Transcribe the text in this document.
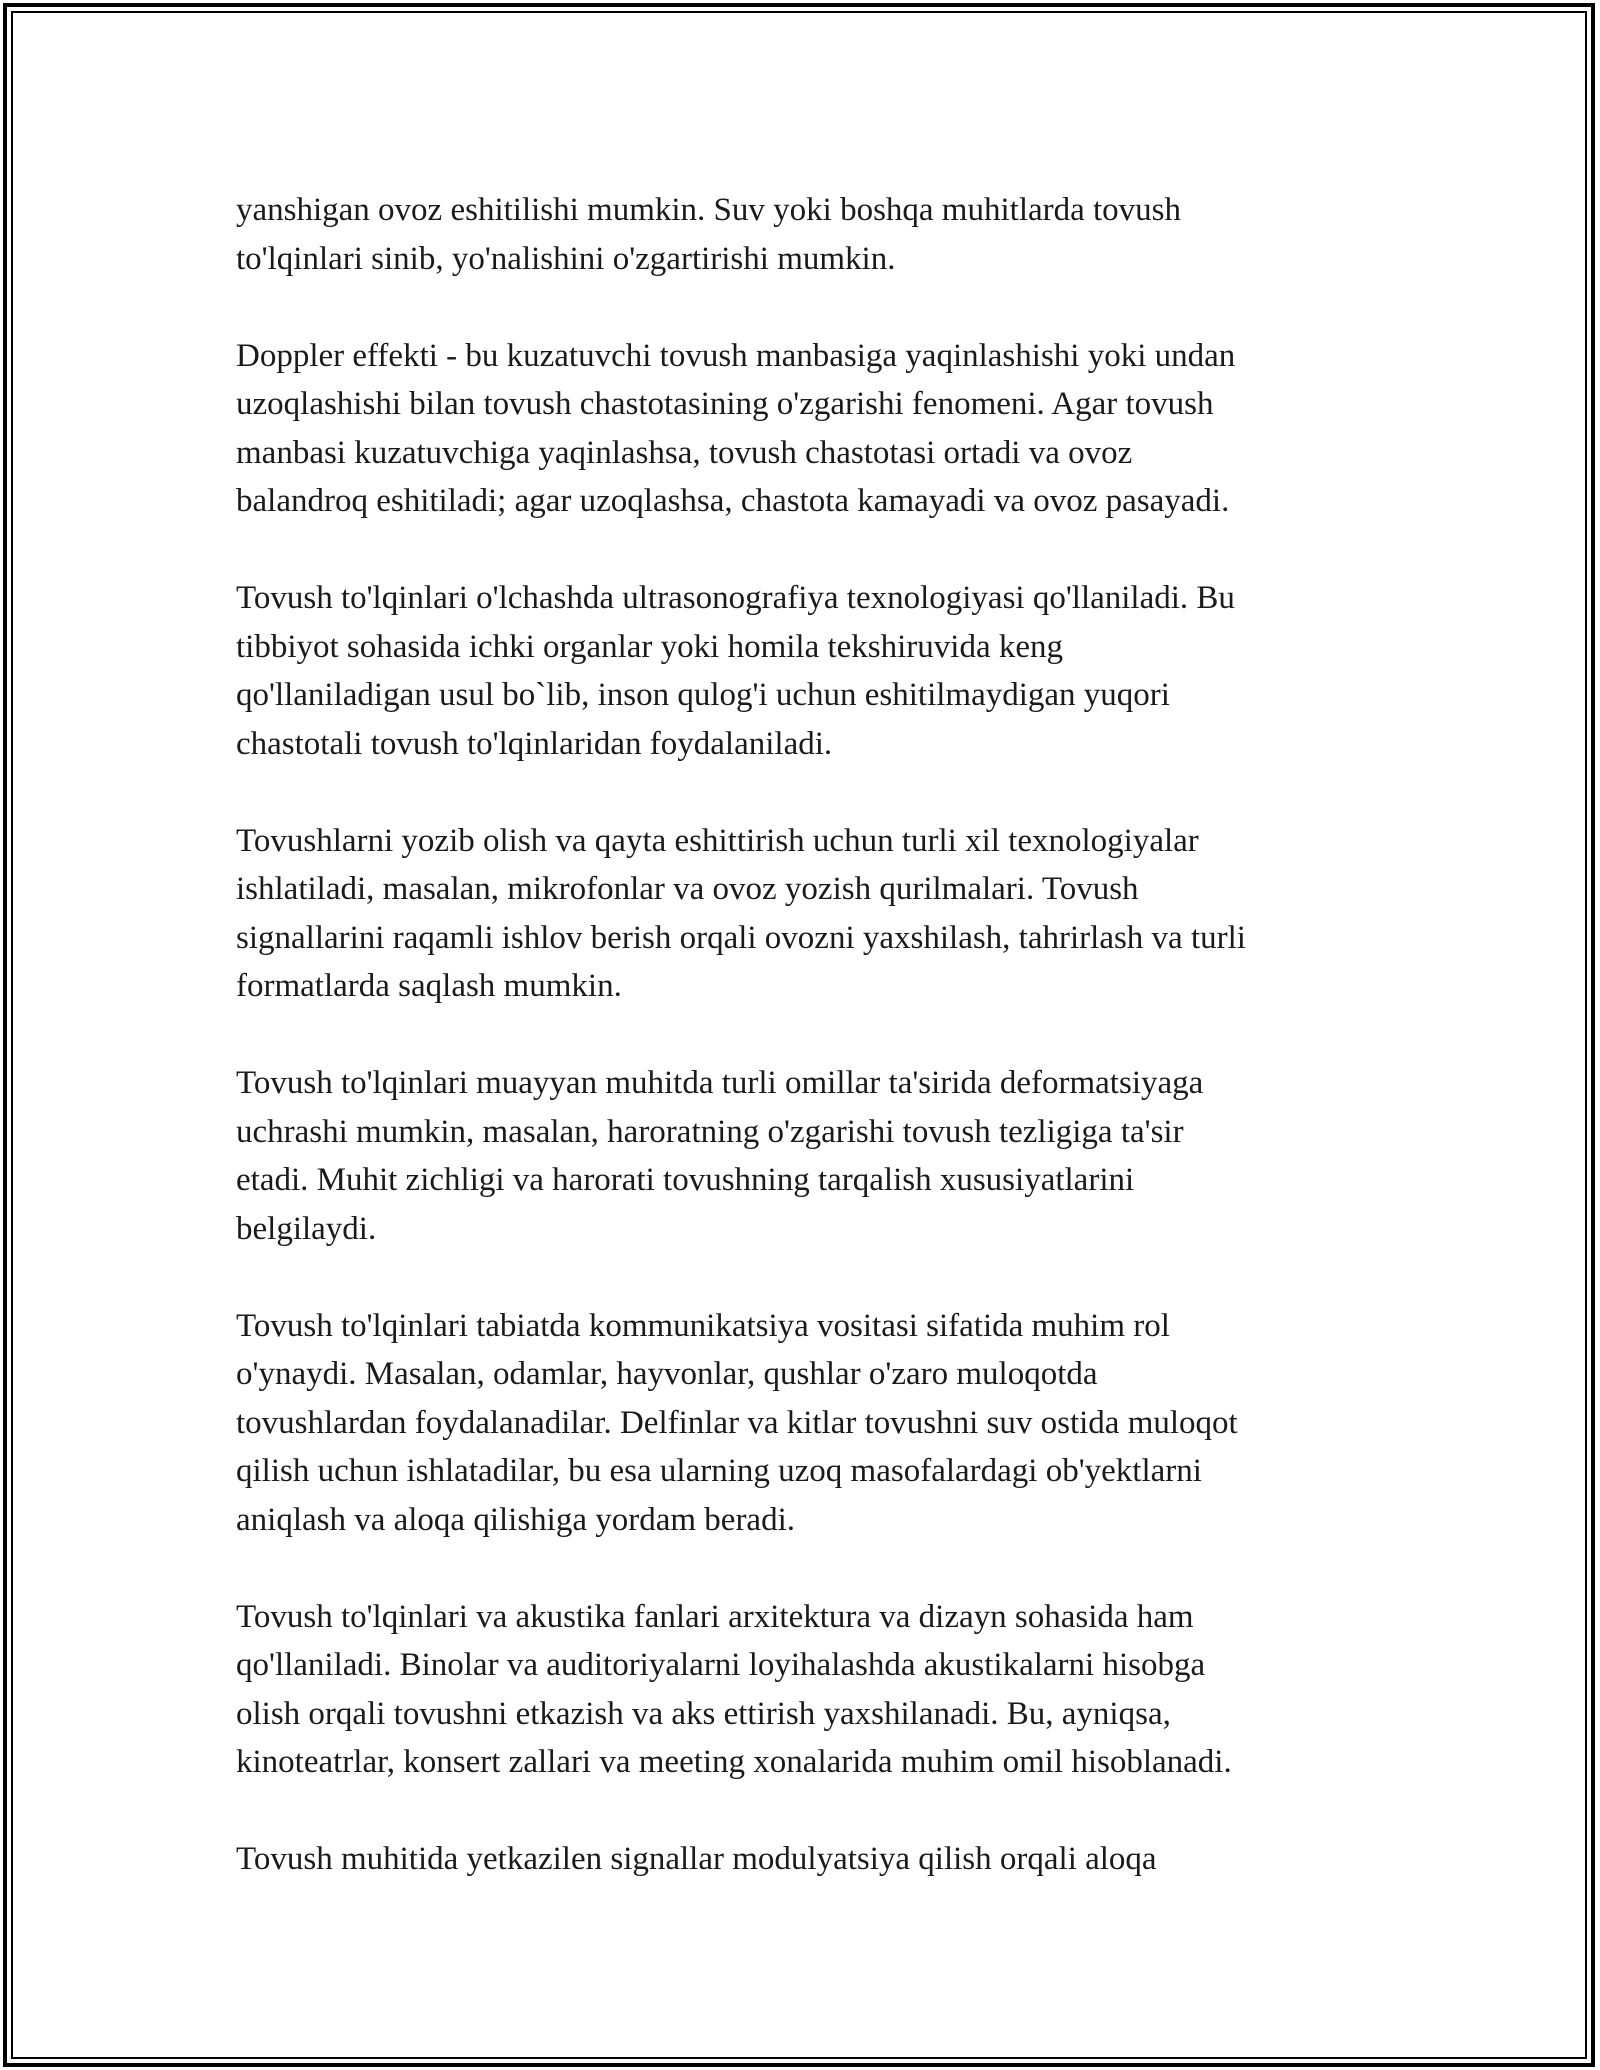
yanshigan ovoz eshitilishi mumkin. Suv yoki boshqa muhitlarda tovush
to'lqinlari sinib, yo'nalishini o'zgartirishi mumkin.

Doppler effekti - bu kuzatuvchi tovush manbasiga yaqinlashishi yoki undan
uzoqlashishi bilan tovush chastotasining o'zgarishi fenomeni. Agar tovush
manbasi kuzatuvchiga yaqinlashsa, tovush chastotasi ortadi va ovoz
balandroq eshitiladi; agar uzoqlashsa, chastota kamayadi va ovoz pasayadi.

Tovush to'lqinlari o'lchashda ultrasonografiya texnologiyasi qo'llaniladi. Bu
tibbiyot sohasida ichki organlar yoki homila tekshiruvida keng
qo'llaniladigan usul bo`lib, inson qulog'i uchun eshitilmaydigan yuqori
chastotali tovush to'lqinlaridan foydalaniladi.

Tovushlarni yozib olish va qayta eshittirish uchun turli xil texnologiyalar
ishlatiladi, masalan, mikrofonlar va ovoz yozish qurilmalari. Tovush
signallarini raqamli ishlov berish orqali ovozni yaxshilash, tahrirlash va turli
formatlarda saqlash mumkin.

Tovush to'lqinlari muayyan muhitda turli omillar ta'sirida deformatsiyaga
uchrashi mumkin, masalan, haroratning o'zgarishi tovush tezligiga ta'sir
etadi. Muhit zichligi va harorati tovushning tarqalish xususiyatlarini
belgilaydi.

Tovush to'lqinlari tabiatda kommunikatsiya vositasi sifatida muhim rol
o'ynaydi. Masalan, odamlar, hayvonlar, qushlar o'zaro muloqotda
tovushlardan foydalanadilar. Delfinlar va kitlar tovushni suv ostida muloqot
qilish uchun ishlatadilar, bu esa ularning uzoq masofalardagi ob'yektlarni
aniqlash va aloqa qilishiga yordam beradi.

Tovush to'lqinlari va akustika fanlari arxitektura va dizayn sohasida ham
qo'llaniladi. Binolar va auditoriyalarni loyihalashda akustikalarni hisobga
olish orqali tovushni etkazish va aks ettirish yaxshilanadi. Bu, ayniqsa,
kinoteatrlar, konsert zallari va meeting xonalarida muhim omil hisoblanadi.

Tovush muhitida yetkazilen signallar modulyatsiya qilish orqali aloqa
